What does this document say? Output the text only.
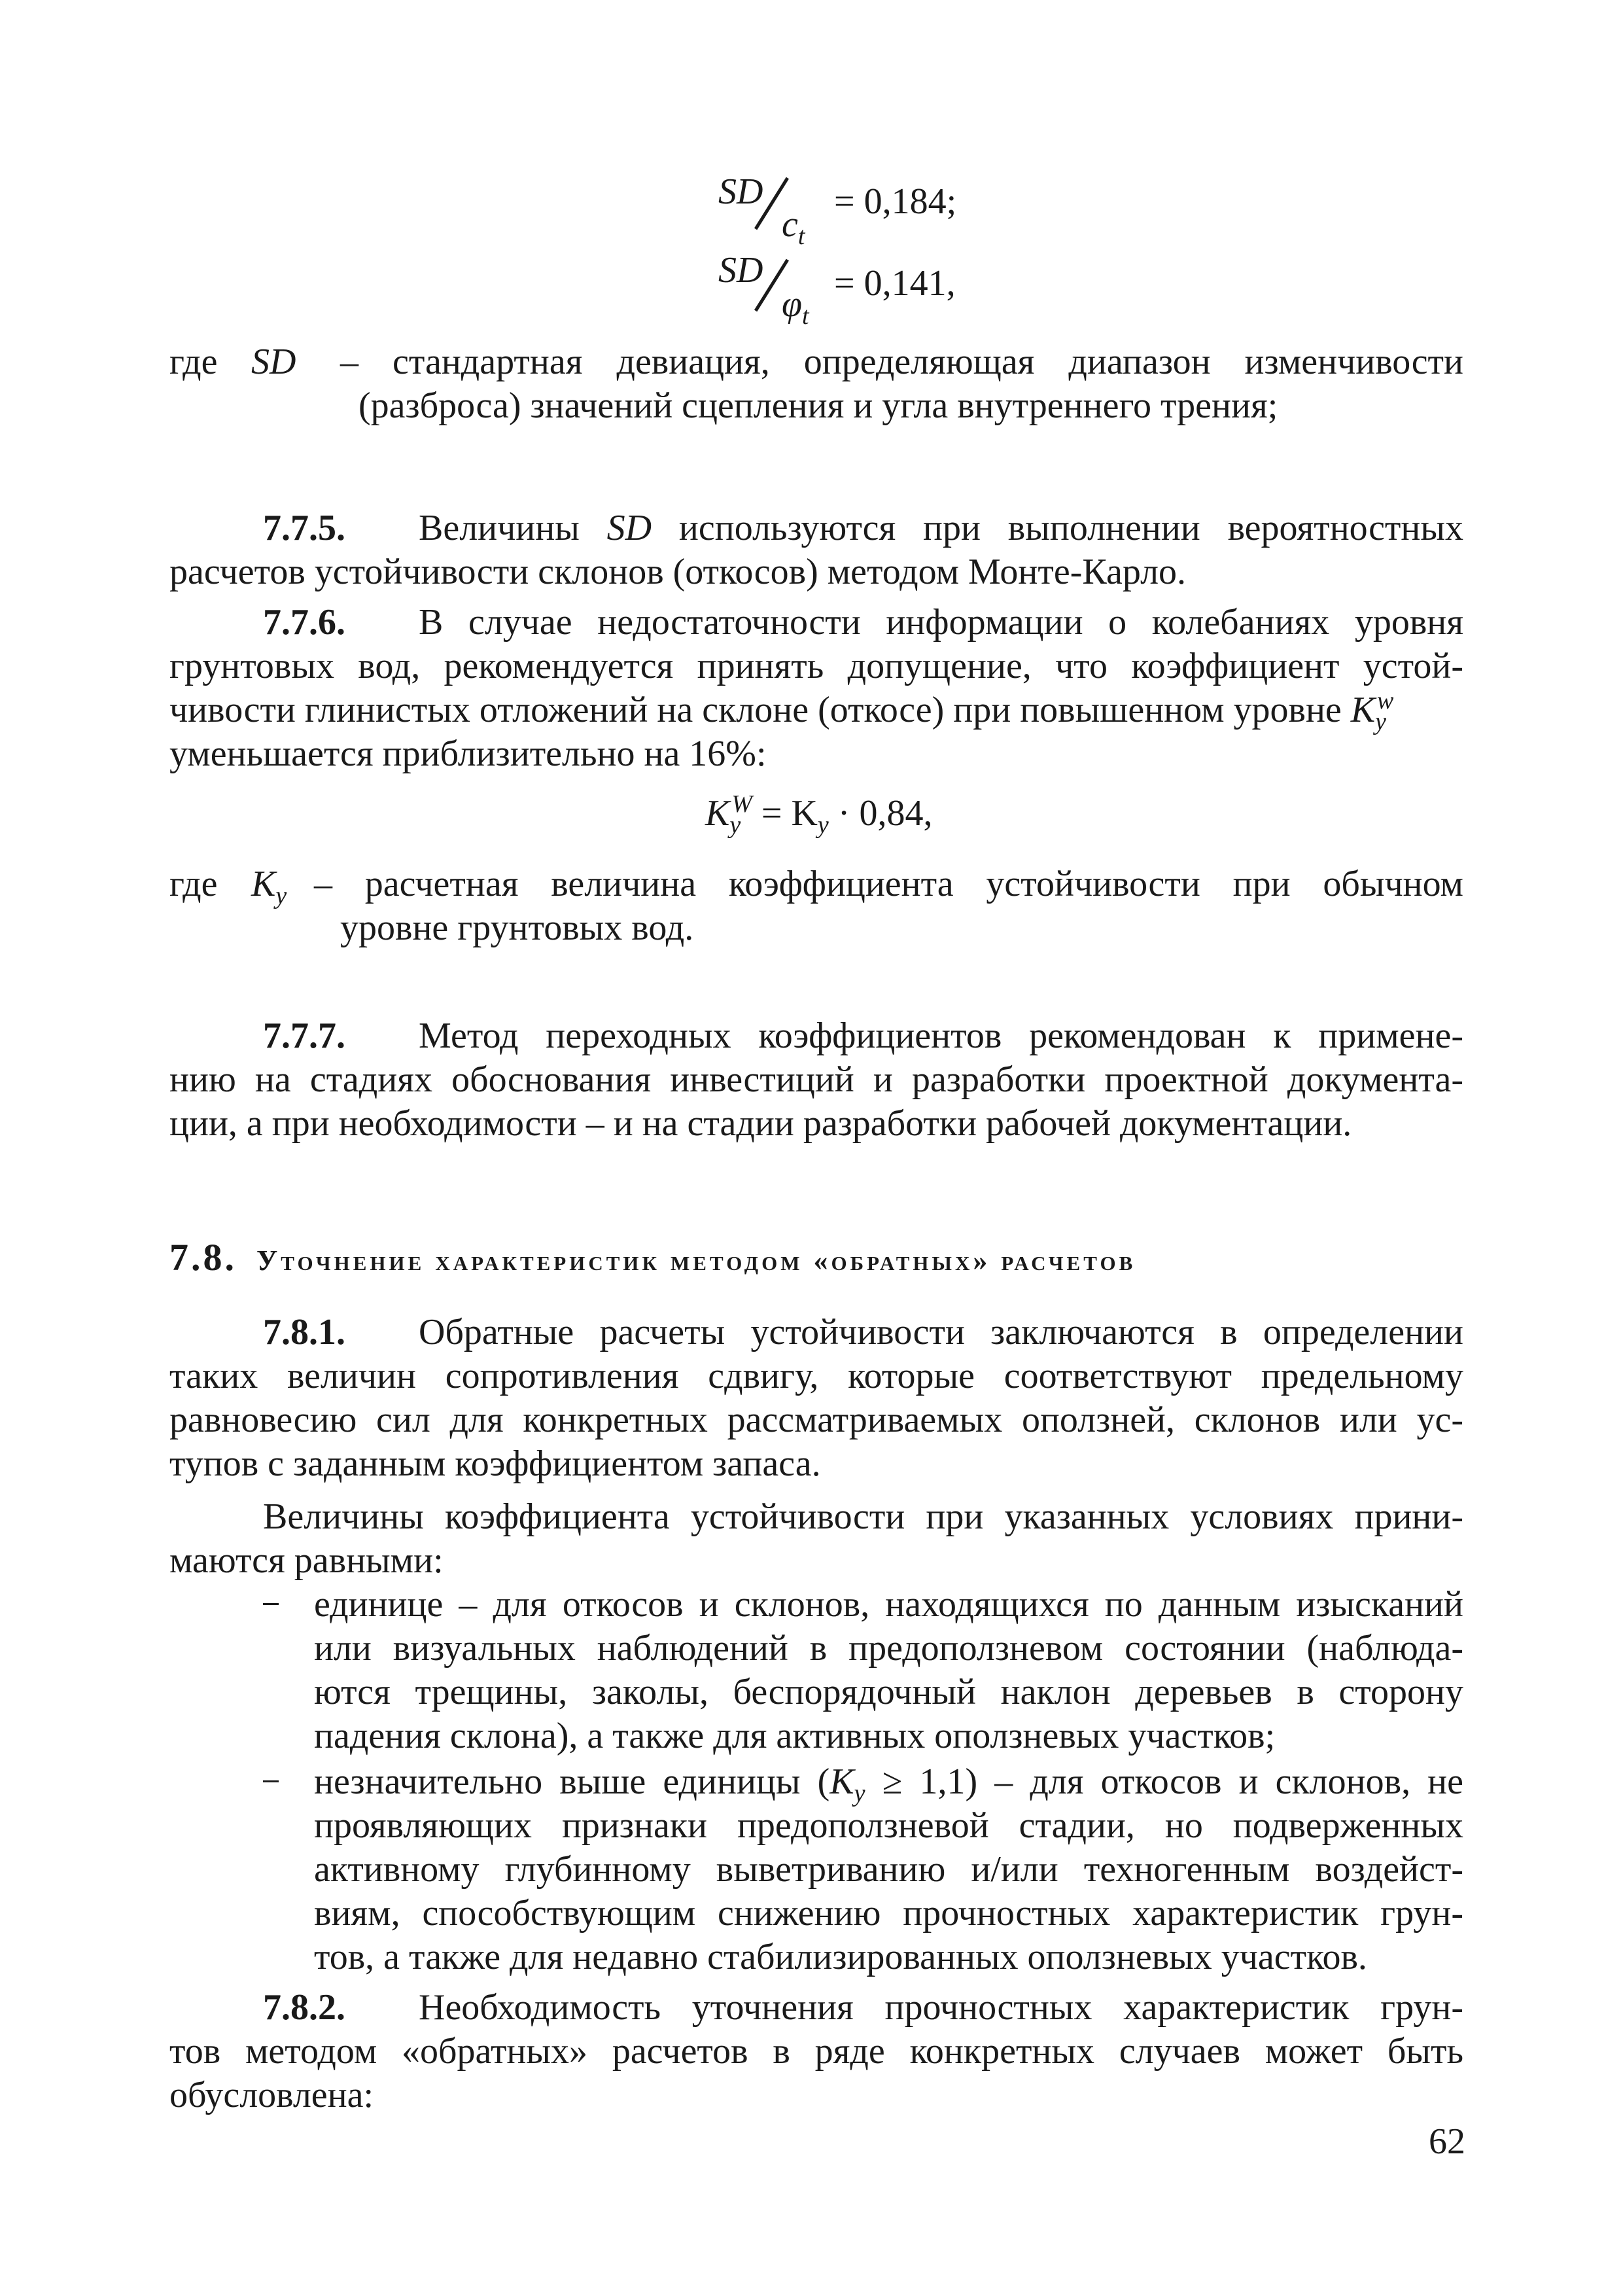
SD
$c_t$
= 0,184;
SD
$\varphi_t$
= 0,141,
где SD – стандартная девиация, определяющая диапазон изменчивости
(разброса) значений сцепления и угла внутреннего трения;
7.7.5. Величины SD используются при выполнении вероятностных
расчетов устойчивости склонов (откосов) методом Монте-Карло.
7.7.6. В случае недостаточности информации о колебаниях уровня
грунтовых вод, рекомендуется принять допущение, что коэффициент устой-
чивости глинистых отложений на склоне (откосе) при повышенном уровне $K_y^w$
уменьшается приблизительно на 16%:
$K_y^W = K_y \cdot 0,84$,
где $K_y$ – расчетная величина коэффициента устойчивости при обычном
уровне грунтовых вод.
7.7.7. Метод переходных коэффициентов рекомендован к примене-
нию на стадиях обоснования инвестиций и разработки проектной документа-
ции, а при необходимости – и на стадии разработки рабочей документации.
7.8. Уточнение характеристик методом «обратных» расчетов
7.8.1. Обратные расчеты устойчивости заключаются в определении
таких величин сопротивления сдвигу, которые соответствуют предельному
равновесию сил для конкретных рассматриваемых оползней, склонов или ус-
тупов с заданным коэффициентом запаса.
Величины коэффициента устойчивости при указанных условиях прини-
маются равными:
единице – для откосов и склонов, находящихся по данным изысканий
или визуальных наблюдений в предоползневом состоянии (наблюда-
ются трещины, заколы, беспорядочный наклон деревьев в сторону
падения склона), а также для активных оползневых участков;
незначительно выше единицы $(K_y \ge 1,1)$ – для откосов и склонов, не
проявляющих признаки предоползневой стадии, но подверженных
активному глубинному выветриванию и/или техногенным воздейст-
виям, способствующим снижению прочностных характеристик грун-
тов, а также для недавно стабилизированных оползневых участков.
7.8.2. Необходимость уточнения прочностных характеристик грун-
тов методом «обратных» расчетов в ряде конкретных случаев может быть
обусловлена:
62
